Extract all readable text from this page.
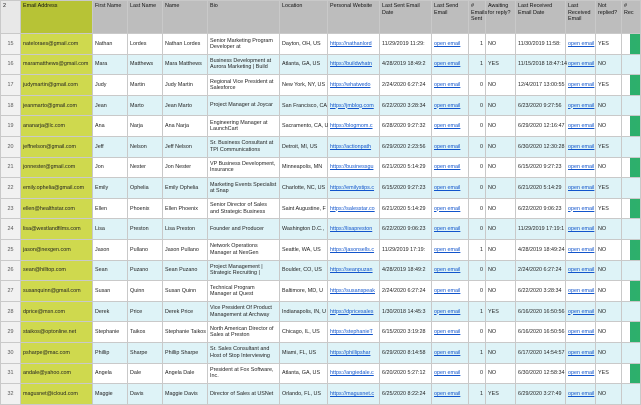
2	Email Address	First Name	Last Name	Name	Bio	Location	Personal Website	Last Sent Email Date	Last Send Email	# Emails Sent	Awaiting for reply?	Last Received Email Date	Last Received Email	Not replied?	# Rec
15	nateloraes@gmail.com	Nathan	Lordes	Nathan Lordes	Senior Marketing Program Developer at	Dayton, OH, US	https://nathanlord	11/29/2019 11:29:	open email	1	NO	11/30/2019 11:58:	open email	YES	
16	maramatthews@gmail.com	Mara	Matthews	Mara Matthews	Business Development at Aurora Marketing | Build	Atlanta, GA, US	https://buildwhatn	4/28/2019 18:49:2	open email	1	YES	11/15/2018 18:47:14	open email	NO	
17	judymartin@gmail.com	Judy	Martin	Judy Martin	Regional Vice President at Salesforce	New York, NY, US	https://whatwedo	2/24/2020 6:27:24	open email	0	NO	12/4/2017 13:00:55	open email	YES	
18	jeanmarto@gmail.com	Jean	Marto	Jean Marto	Project Manager at Joycar	San Francisco, CA	https://jmblog.com	6/22/2020 3:28:34	open email	0	NO	6/23/2020 9:27:56	open email	NO	
19	ananarja@lc.com	Ana	Narja	Ana Narja	Engineering Manager at LaunchCart	Sacramento, CA, U	https://blogmom.c	6/28/2020 9:27:32	open email	0	NO	6/29/2020 12:16:47	open email	NO	
20	jeffnelson@gmail.com	Jeff	Nelson	Jeff Nelson	Sr. Business Consultant at TPI Communications	Detroit, MI, US	https://actionpath	6/29/2020 2:23:56	open email	0	NO	6/30/2020 12:30:28	open email	YES	
21	jonnester@gmail.com	Jon	Nester	Jon Nester	VP Business Development, Insurance	Minneapolis, MN	https://businessgu	6/21/2020 5:14:29	open email	0	NO	6/15/2020 9:27:23	open email	NO	
22	emily.ophelia@gmail.com	Emily	Ophelia	Emily Ophelia	Marketing Events Specialist at Snap	Charlotte, NC, US	https://emilystips.c	6/15/2020 9:27:23	open email	0	NO	6/21/2020 5:14:29	open email	YES	
23	ellen@healthstar.com	Ellen	Phoenix	Ellen Phoenix	Senior Director of Sales and Strategic Business	Saint Augustine, F	https://salesstar.co	6/21/2020 5:14:29	open email	0	NO	6/22/2020 9:06:23	open email	YES	
24	lisa@westlandfilms.com	Lisa	Preston	Lisa Preston	Founder and Producer	Washington D.C.,	https://lisapreston	6/22/2020 9:06:23	open email	0	NO	11/29/2019 17:19:1	open email	NO	
25	jason@nexgen.com	Jason	Pullano	Jason Pullano	Network Operations Manager at NexGen	Seattle, WA, US	https://jasonsells.c	11/29/2019 17:19:	open email	1	NO	4/28/2019 18:49:24	open email	NO	
26	sean@hilltop.com	Sean	Puzano	Sean Puzano	Project Management | Strategic Recruiting |	Boulder, CO, US	https://seanpuzan	4/28/2019 18:49:2	open email	0	NO	2/24/2020 6:27:24	open email	NO	
27	susanquinn@gmail.com	Susan	Quinn	Susan Quinn	Technical Program Manager at Quest	Baltimore, MD, U	https://susanspeak	2/24/2020 6:27:24	open email	0	NO	6/22/2020 3:28:34	open email	NO	
28	dprice@msn.com	Derek	Price	Derek Price	Vice President Of Product Management at Archway	Indianapolis, IN, U	https://dpricesales	1/30/2018 14:45:3	open email	1	YES	6/16/2020 16:50:56	open email	NO	
29	staikos@optonline.net	Stephanie	Taikos	Stephanie Taikos	North American Director of Sales at Preston	Chicago, IL, US	https://stephanieT	6/15/2020 3:19:28	open email	0	NO	6/16/2020 16:50:56	open email	NO	
30	psharpe@mac.com	Phillip	Sharpe	Phillip Sharpe	Sr. Sales Consultant and Host of Stop Interviewing	Miami, FL, US	https://phillipshar	6/29/2020 8:14:58	open email	1	NO	6/17/2020 14:54:57	open email	NO	
31	andale@yahoo.com	Angela	Dale	Angela Dale	President at Fox Software, Inc.	Atlanta, GA, US	https://angiedale.c	6/20/2020 5:27:12	open email	0	NO	6/30/2020 12:58:34	open email	YES	
32	magusnet@icloud.com	Maggie	Davis	Maggie Davis	Director of Sales at USNet	Orlando, FL, US	https://magusnet.c	6/25/2020 8:22:24	open email	1	YES	6/29/2020 3:27:49	open email	NO	
